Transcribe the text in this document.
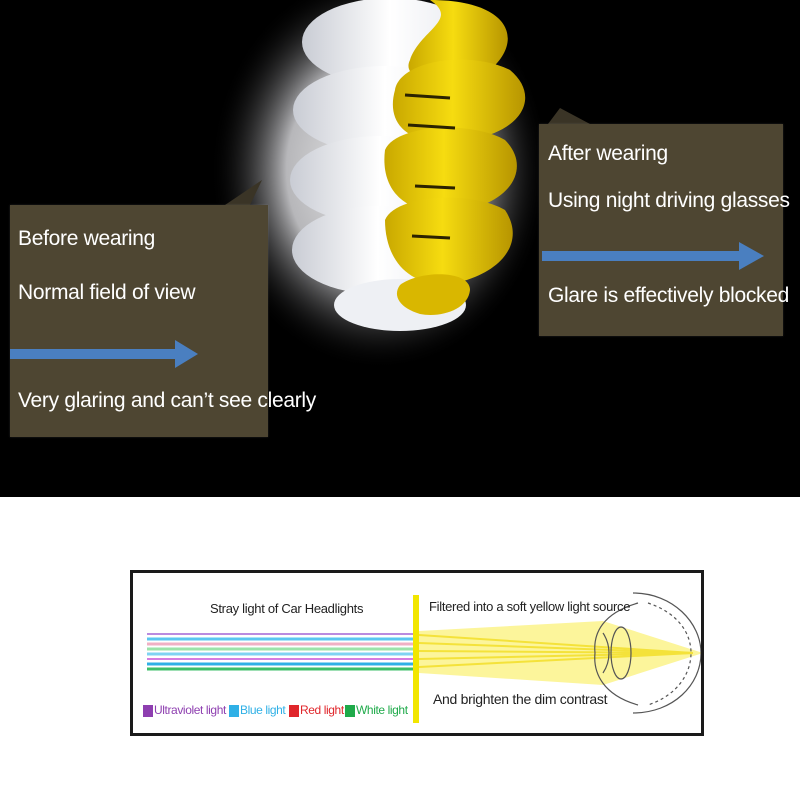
Before wearing
Normal field of view
Very glaring and can’t see clearly
After wearing
Using night driving glasses
Glare is effectively blocked
Stray light of Car Headlights	Filtered into a soft yellow light source
And brighten the dim contrast
Ultraviolet light Blue light Red light White light
